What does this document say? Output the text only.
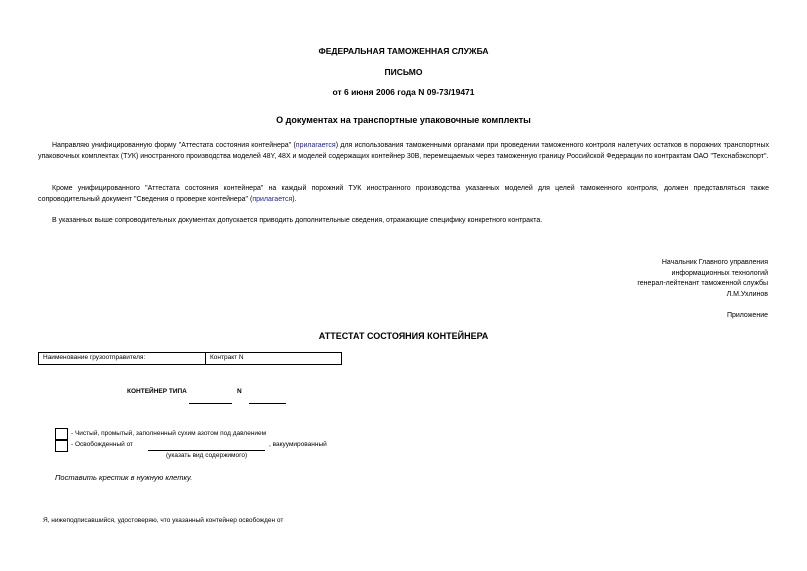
ФЕДЕРАЛЬНАЯ ТАМОЖЕННАЯ СЛУЖБА
ПИСЬМО
от 6 июня 2006 года N 09-73/19471
О документах на транспортные упаковочные комплекты
Направляю унифицированную форму "Аттестата состояния контейнера" (прилагается) для использования таможенными органами при проведении таможенного контроля налетучих остатков в порожних транспортных упаковочных комплектах (ТУК) иностранного производства моделей 48Y, 48X и моделей содержащих контейнер 30B, перемещаемых через таможенную границу Российской Федерации по контрактам ОАО "Техснабэкспорт".
Кроме унифицированного "Аттестата состояния контейнера" на каждый порожний ТУК иностранного производства указанных моделей для целей таможенного контроля, должен представляться также сопроводительный документ "Сведения о проверке контейнера" (прилагается).
В указанных выше сопроводительных документах допускается приводить дополнительные сведения, отражающие специфику конкретного контракта.
Начальник Главного управления
информационных технологий
генерал-лейтенант таможенной службы
Л.М.Ухлинов
Приложение
АТТЕСТАТ СОСТОЯНИЯ КОНТЕЙНЕРА
Наименование грузоотправителя:	Контракт N
КОНТЕЙНЕР ТИПА	N
- Чистый, промытый, заполненный сухим азотом под давлением
- Освобожденный от	, вакуумированный
(указать вид содержимого)
Поставить крестик в нужную клетку.
Я, нижеподписавшийся, удостоверяю, что указанный контейнер освобожден от
